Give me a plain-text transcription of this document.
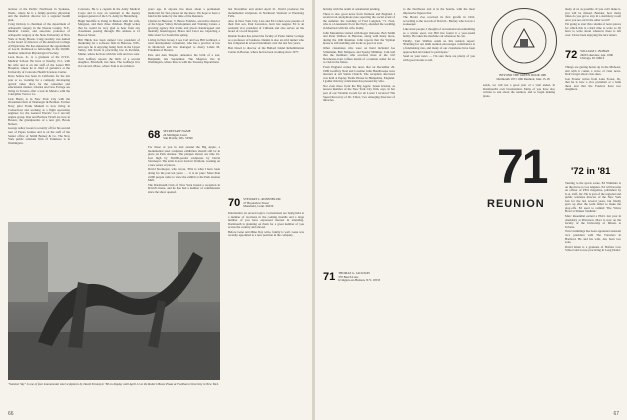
lecturer at the Pacific Northwest in Spokane, Wash., where he is a family-practice physician and the medical director for a regional health plan.

Craig Ordway is chairman of the department of orthopedic surgery in the Nassau County, N.Y., Medical Center, and associate professor of orthopedic surgery at the State University of New York at Stony Brook. Craig recently was named to the board of directors of the American College of Physicians. He has announced the appointment of Lee R. Robinson to fellowship in the 50,000-member American Physiological Society.

Leon Roos, Jr., is a graduate of the N.Y.U. Medical School. He lives at Tenafly, N.J., with his wife and is on the staff of the Lenox Hill Hospital, where he is chief of geriatrics at the University of Colorado Health Sciences Center.

Dave Sebree has been in California for the last year or so, working for a company developing optical video discs for the consumer and educational market. Charles and Lisa Farrage are living in Toronto after a tour in Mexico with the Caterpillar Tractor Co.

Jack Harris is in New York City with the investment firm of Neuberger & Berman. Former Navy pilot Frank Maskell is now living in Connecticut and working as a flight operations engineer for the General Electric Co.'s aircraft engine group. Dan and Barbara Tirrell are now in Boston, the grandparents of a new girl, Brook Nelson.

George Adley Green is recently off for his second tour of Papua Guinea and is on the staff of the Senior office of Smith Barney & Co. The New York public relations firm of Fenimore is in Washington.

Colorado. He is a captain in the Army Medical Corps and is now an assistant to the deputy surgeon general of the U.S. Army in Heidelberg.

Hugh Sutcliffe is living in Boston with his wife, Margaret, and their three children. Hugh writes that he would be very glad to hear from any classmates passing through. His address is 12 Beacon Street.

Bill Hinds has been named vice president of marketing for a software firm in Hanover, N.H., and says he is enjoying being back in the Upper Valley. Jim Ferris is practicing law in Portland, Maine, where he lives with his wife and two sons.

Tom Gaffney reports the birth of a second daughter, Elizabeth, last June. The Gaffneys live in Concord, Mass., where Tom is an architect.

years ago. If anyone has ideas about a permanent memorial for Ted, please let me know. We hope to have a fund in his name by the time of the Reunion.

Charles in Hanover, V. Bruce Fabrizio, executive director of the Upper Valley Development and Training Center, a growing agency that trains and places handicapped and mentally handicapped, Bruce and Carol are 'expecting a little sister' for Sarah this spring.

Living in New Jersey, I see Carl and Lee Hill Lombard, a rural development consultant, who has a practice of law in Montclair and has managed to marry Linda M. Friedman of Boston.

Pete and Ann Shapiro announce the birth of a son, Benjamin, last September. The Shapiros live in Washington, where Pete is with the Treasury Department.

68 SECRETARY NAME
24 Michigan Court
Sun Prairie, Wis. 53590

For those of you in and around the Big Apple, a monumental steel sculpture exhibition should still be in place on Park Avenue. The plaques shown are nine 16-foot high by 36,000-pound sculptures by David Stromeyer. The artist is now back in Vermont, working on a new series of pieces.

David Stromeyer, who wrote, 'This is what I have been doing for the past ten years . . . it is no joke.' More than 2,000 people came to view the exhibit at the Park Avenue Mall.

The Dartmouth Club of New York hosted a reception in David's honor, and he has had a number of commissions since the show opened.

last November and ended April 21. David produces his monumental sculptures in Northeast Vermont at Enosburg Falls.

Also in New York City, Lisa and Ed Cohen were parents of their first son, Paul Lawrence, born last August. Ed is an assistant vice president of Citibank and also serves on the board of a local hospital.

Dennis Stokes has joined the faculty of Parks Junior College as a professor of business. Dennis is also an avid runner who has competed in several marathons over the last few years.

Bob Dowd is director of the Bullard Island Rehabilitation Center in Boston, where he has been working since 1977.

70 STEWART L. ROSENBLUM
27 Brookview Street
Mansfield, Conn. 06250

Information on several topics. Conventions are being held at a number of locations in the coming months and a large number of you have expressed interest in attending. Dartmouth is planning on them for a great number of you across the country and abroad.

Before Gene and Mike Day write, family is well. Gene was recently appointed to a new position in the company.

"Summer Sky" is one of four monumental steel sculptures by David Stromeyer '68 on display until April 21 at the Robert Moses Plaza at Fordham University in New York.
66

holiday with the realm of ornamental pruning.

There is also good news from Vermont and England. I received an anonymous note reporting the social event of the summer: the wedding of Fred Langdon, '71. Fred, who is a Lieutenant JG in the Navy, attended the wedding in Montreal with his wife, Kathy.

John Masamitsu visited with Roger Osborne, Bob Smith and Peter Wallace in Hanover, along with many more, during the 10th Reunion. John reports that the Wyman house is still standing and looks as good as ever.

Other classmates who were on hand included Joe Schumann, Bob Simpson, and Sparky Millman. I am told that the members who received most of the 'old' Newhouse-Joan coffees dream of a reunion center for us to visit in the future.

From England comes the news that on December 20, 1980 Geoffrey Neal and Caroline Jolin Handbrooke were married at All Saints Church. The reception afterward was held at Pepley Fields House in Hampshire. England. I gather this tiny celebration has pleased my wife.

Not even more from the Big Apple: Susan Klazan, as newest member of the New York City firm, says, in her part of our 'Notable Goods for lat Lozes' I received 'The Speed Recovery of Dr. T-Rex,' two emerging directors of miracles.

71 THOMAS G. JACKSON
370 Beech Lane
Irvington-on-Hudson, N.Y. 10533

to the Northwest and is in the Seattle, with the most impressive figures that.

The Bronx Zoo received its first giraffe in 1910, according to the records of David L. Bartley who is now a zookeeper.

Like most people, I thought of recreational snowmobiling as a winter sport, but Bill has found it a year-round hobby. He takes the machine out whenever he can.

Finally, Curt Wallins sends us this tension report: 'Planning for our tenth reunion encourages contributors at a fundraising rate, and many of our classmates have been approached and asked to participate.'

Send us your news — I'm sure there are plenty of you with good stories to tell.

BEYOND THE GREEN DOOR 1981
Dartmouth 1971 10th Reunion, June 15-18

sends, we will not a good year of a vital ended, in Dartmouth's own bicentennial. Many of you have also written to ask about the reunion, and to begin making plans.

71
REUNION

many of us as possible. If you can't make it, you will be missed. Besides, how many times do you get to stay in a dormitory room once you are out in the other world?

I'm going to start this column of news pieces for which this is a hard time to write so I'll have to write about whatever there is left over. I have been enjoying the nice letters.

72 WILLIAM C. BOHAN
2400 Lakeview, Apt. 1006
Chicago, Ill. 60614

Things are getting hotter up in the Midwest, and with it comes a wave of class news. Don't forget about class dues.

Joel Frazier writes from Lake Forest, Ill., that he is now a vice president at a bank there and that the Fraziers have two daughters.

'72 in '81

Turning to the sports scene, Ed Wimmler is on the move to Los Angeles. Ed will become an officer of PEO magazine, published by G.A. Zeff, Inc. He is part of the regional and public relations director of the New York Jets for the last several years, but finally gave up after the team failed to make the play-offs. Ed used to remind 'The Wives Bowl at Shakes Stadium.'

Marc Rosenthal earned a Ph.D. last year in chemistry at Princeton. Marc is now on the faculty of the University of Illinois at Urbana.

Tom Cummings has been appointed assistant vice president with The Travelers in Hartford. He and his wife, Jan, have two sons.

David Klein is a graduate of Hofstra Law School and is now practicing in Long Island.

67
